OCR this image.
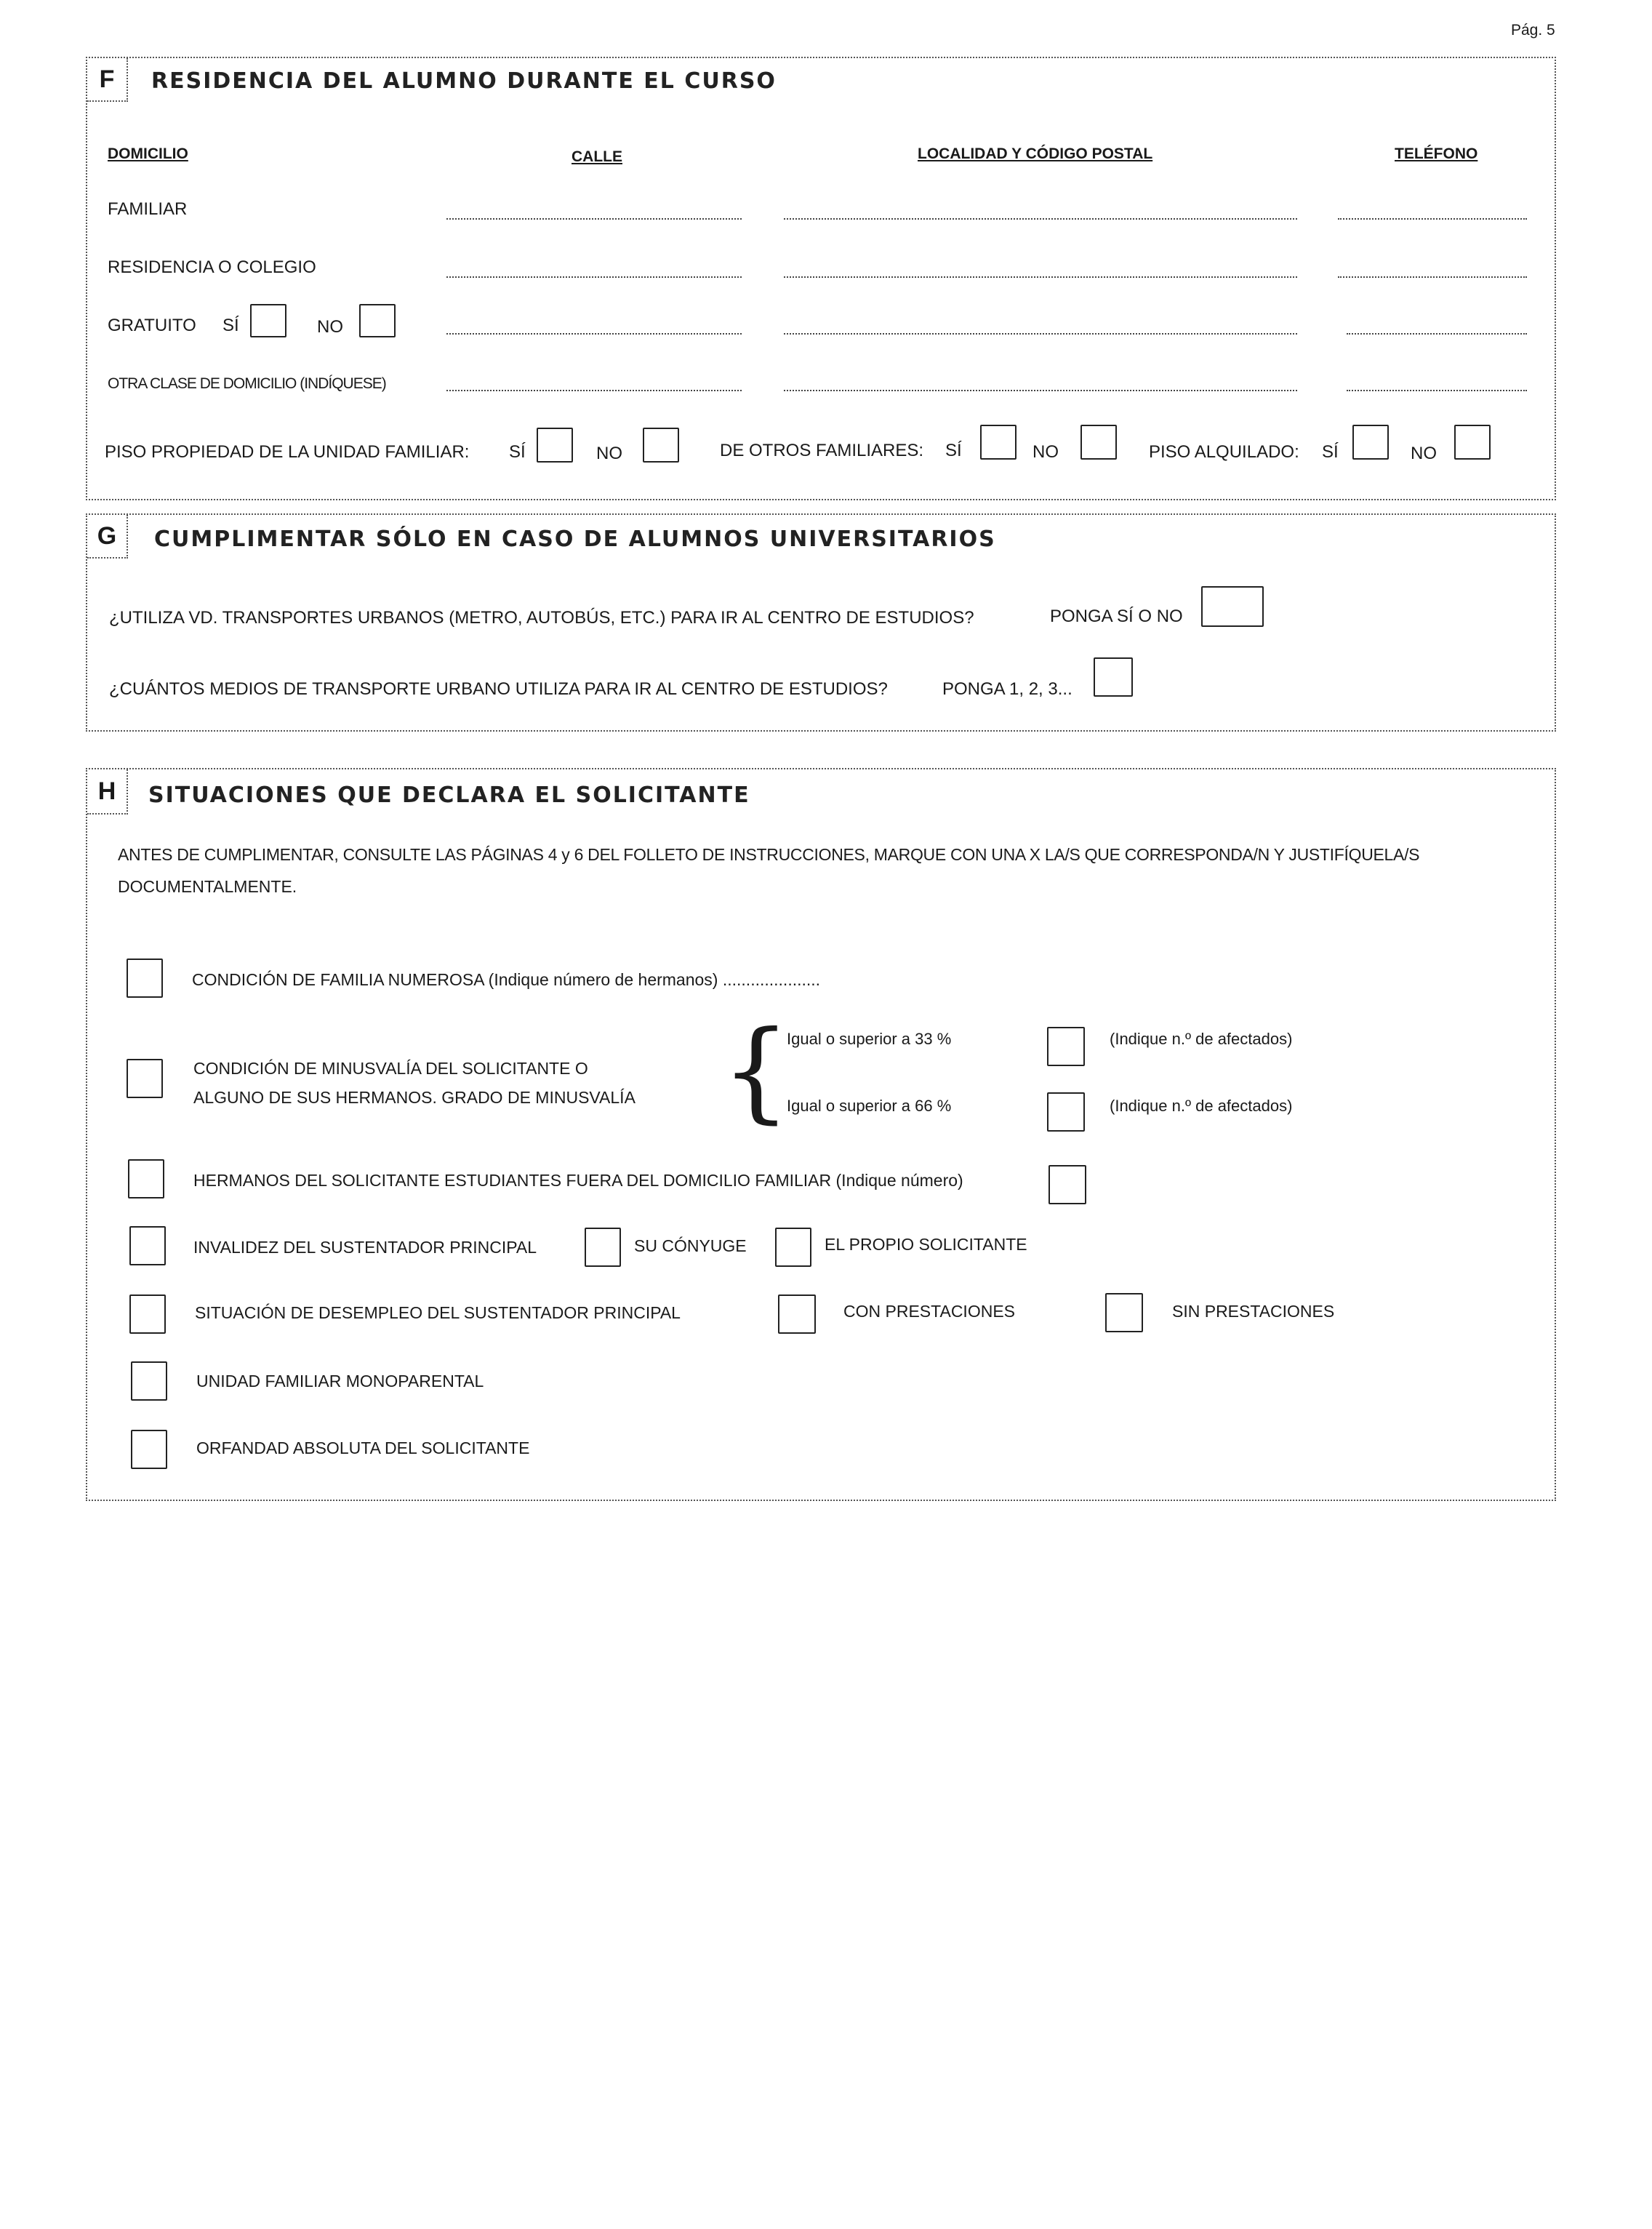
Pág. 5
F	RESIDENCIA DEL ALUMNO DURANTE EL CURSO
DOMICILIO	CALLE	LOCALIDAD Y CÓDIGO POSTAL	TELÉFONO
FAMILIAR
RESIDENCIA O COLEGIO
GRATUITO SÍ	NO
OTRA CLASE DE DOMICILIO (INDÍQUESE)
PISO PROPIEDAD DE LA UNIDAD FAMILIAR: SÍ	NO	DE OTROS FAMILIARES: SÍ	NO	PISO ALQUILADO: SÍ	NO
G	CUMPLIMENTAR SÓLO EN CASO DE ALUMNOS UNIVERSITARIOS
¿UTILIZA VD. TRANSPORTES URBANOS (METRO, AUTOBÚS, ETC.) PARA IR AL CENTRO DE ESTUDIOS?	PONGA SÍ O NO
¿CUÁNTOS MEDIOS DE TRANSPORTE URBANO UTILIZA PARA IR AL CENTRO DE ESTUDIOS?	PONGA 1, 2, 3...
H	SITUACIONES QUE DECLARA EL SOLICITANTE
ANTES DE CUMPLIMENTAR, CONSULTE LAS PÁGINAS 4 y 6 DEL FOLLETO DE INSTRUCCIONES, MARQUE CON UNA X LA/S QUE CORRESPONDA/N Y JUSTIFÍQUELA/S
DOCUMENTALMENTE.
CONDICIÓN DE FAMILIA NUMEROSA (Indique número de hermanos) .....................
CONDICIÓN DE MINUSVALÍA DEL SOLICITANTE O
ALGUNO DE SUS HERMANOS. GRADO DE MINUSVALÍA {
Igual o superior a 33 %	(Indique n.º de afectados)
Igual o superior a 66 %	(Indique n.º de afectados)
HERMANOS DEL SOLICITANTE ESTUDIANTES FUERA DEL DOMICILIO FAMILIAR (Indique número)
INVALIDEZ DEL SUSTENTADOR PRINCIPAL	SU CÓNYUGE	EL PROPIO SOLICITANTE
SITUACIÓN DE DESEMPLEO DEL SUSTENTADOR PRINCIPAL	CON PRESTACIONES	SIN PRESTACIONES
UNIDAD FAMILIAR MONOPARENTAL
ORFANDAD ABSOLUTA DEL SOLICITANTE
